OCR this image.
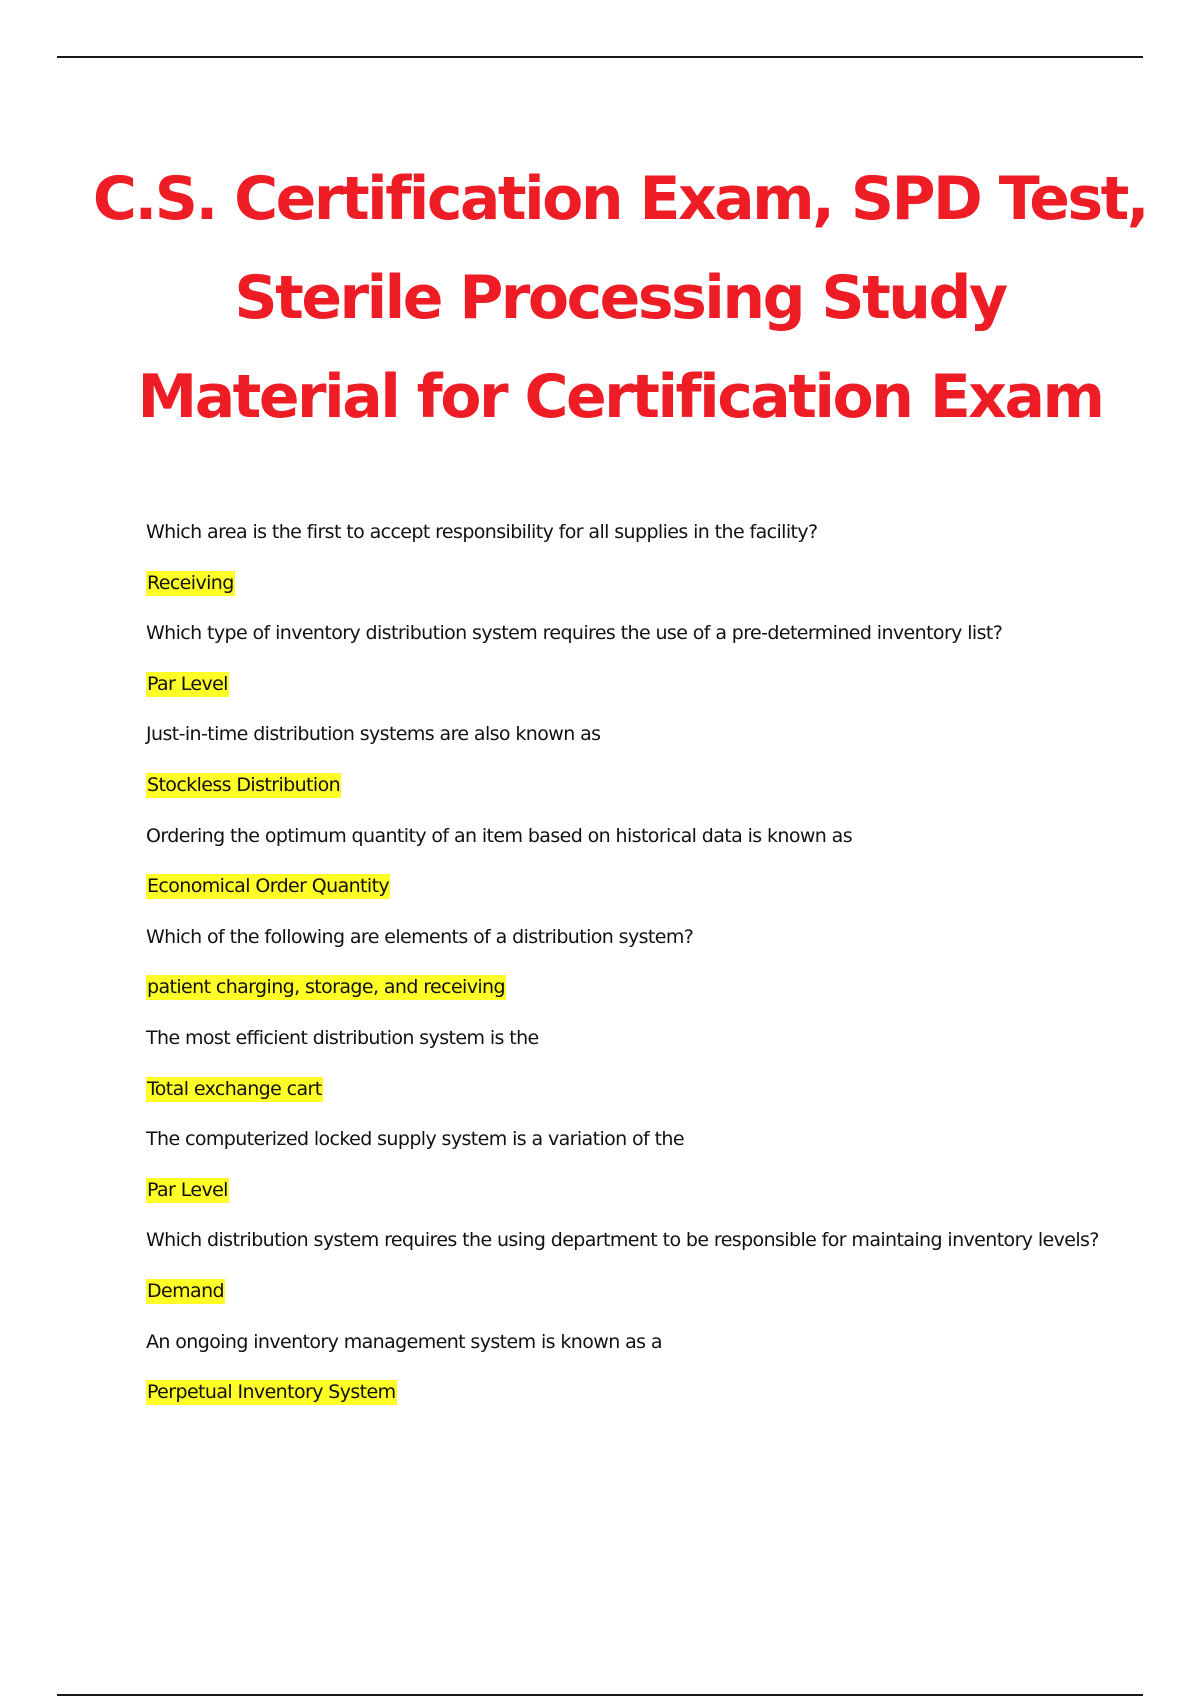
C.S. Certification Exam, SPD Test,
Sterile Processing Study
Material for Certification Exam
Which area is the first to accept responsibility for all supplies in the facility?
Receiving
Which type of inventory distribution system requires the use of a pre-determined inventory list?
Par Level
Just-in-time distribution systems are also known as
Stockless Distribution
Ordering the optimum quantity of an item based on historical data is known as
Economical Order Quantity
Which of the following are elements of a distribution system?
patient charging, storage, and receiving
The most efficient distribution system is the
Total exchange cart
The computerized locked supply system is a variation of the
Par Level
Which distribution system requires the using department to be responsible for maintaing inventory levels?
Demand
An ongoing inventory management system is known as a
Perpetual Inventory System
